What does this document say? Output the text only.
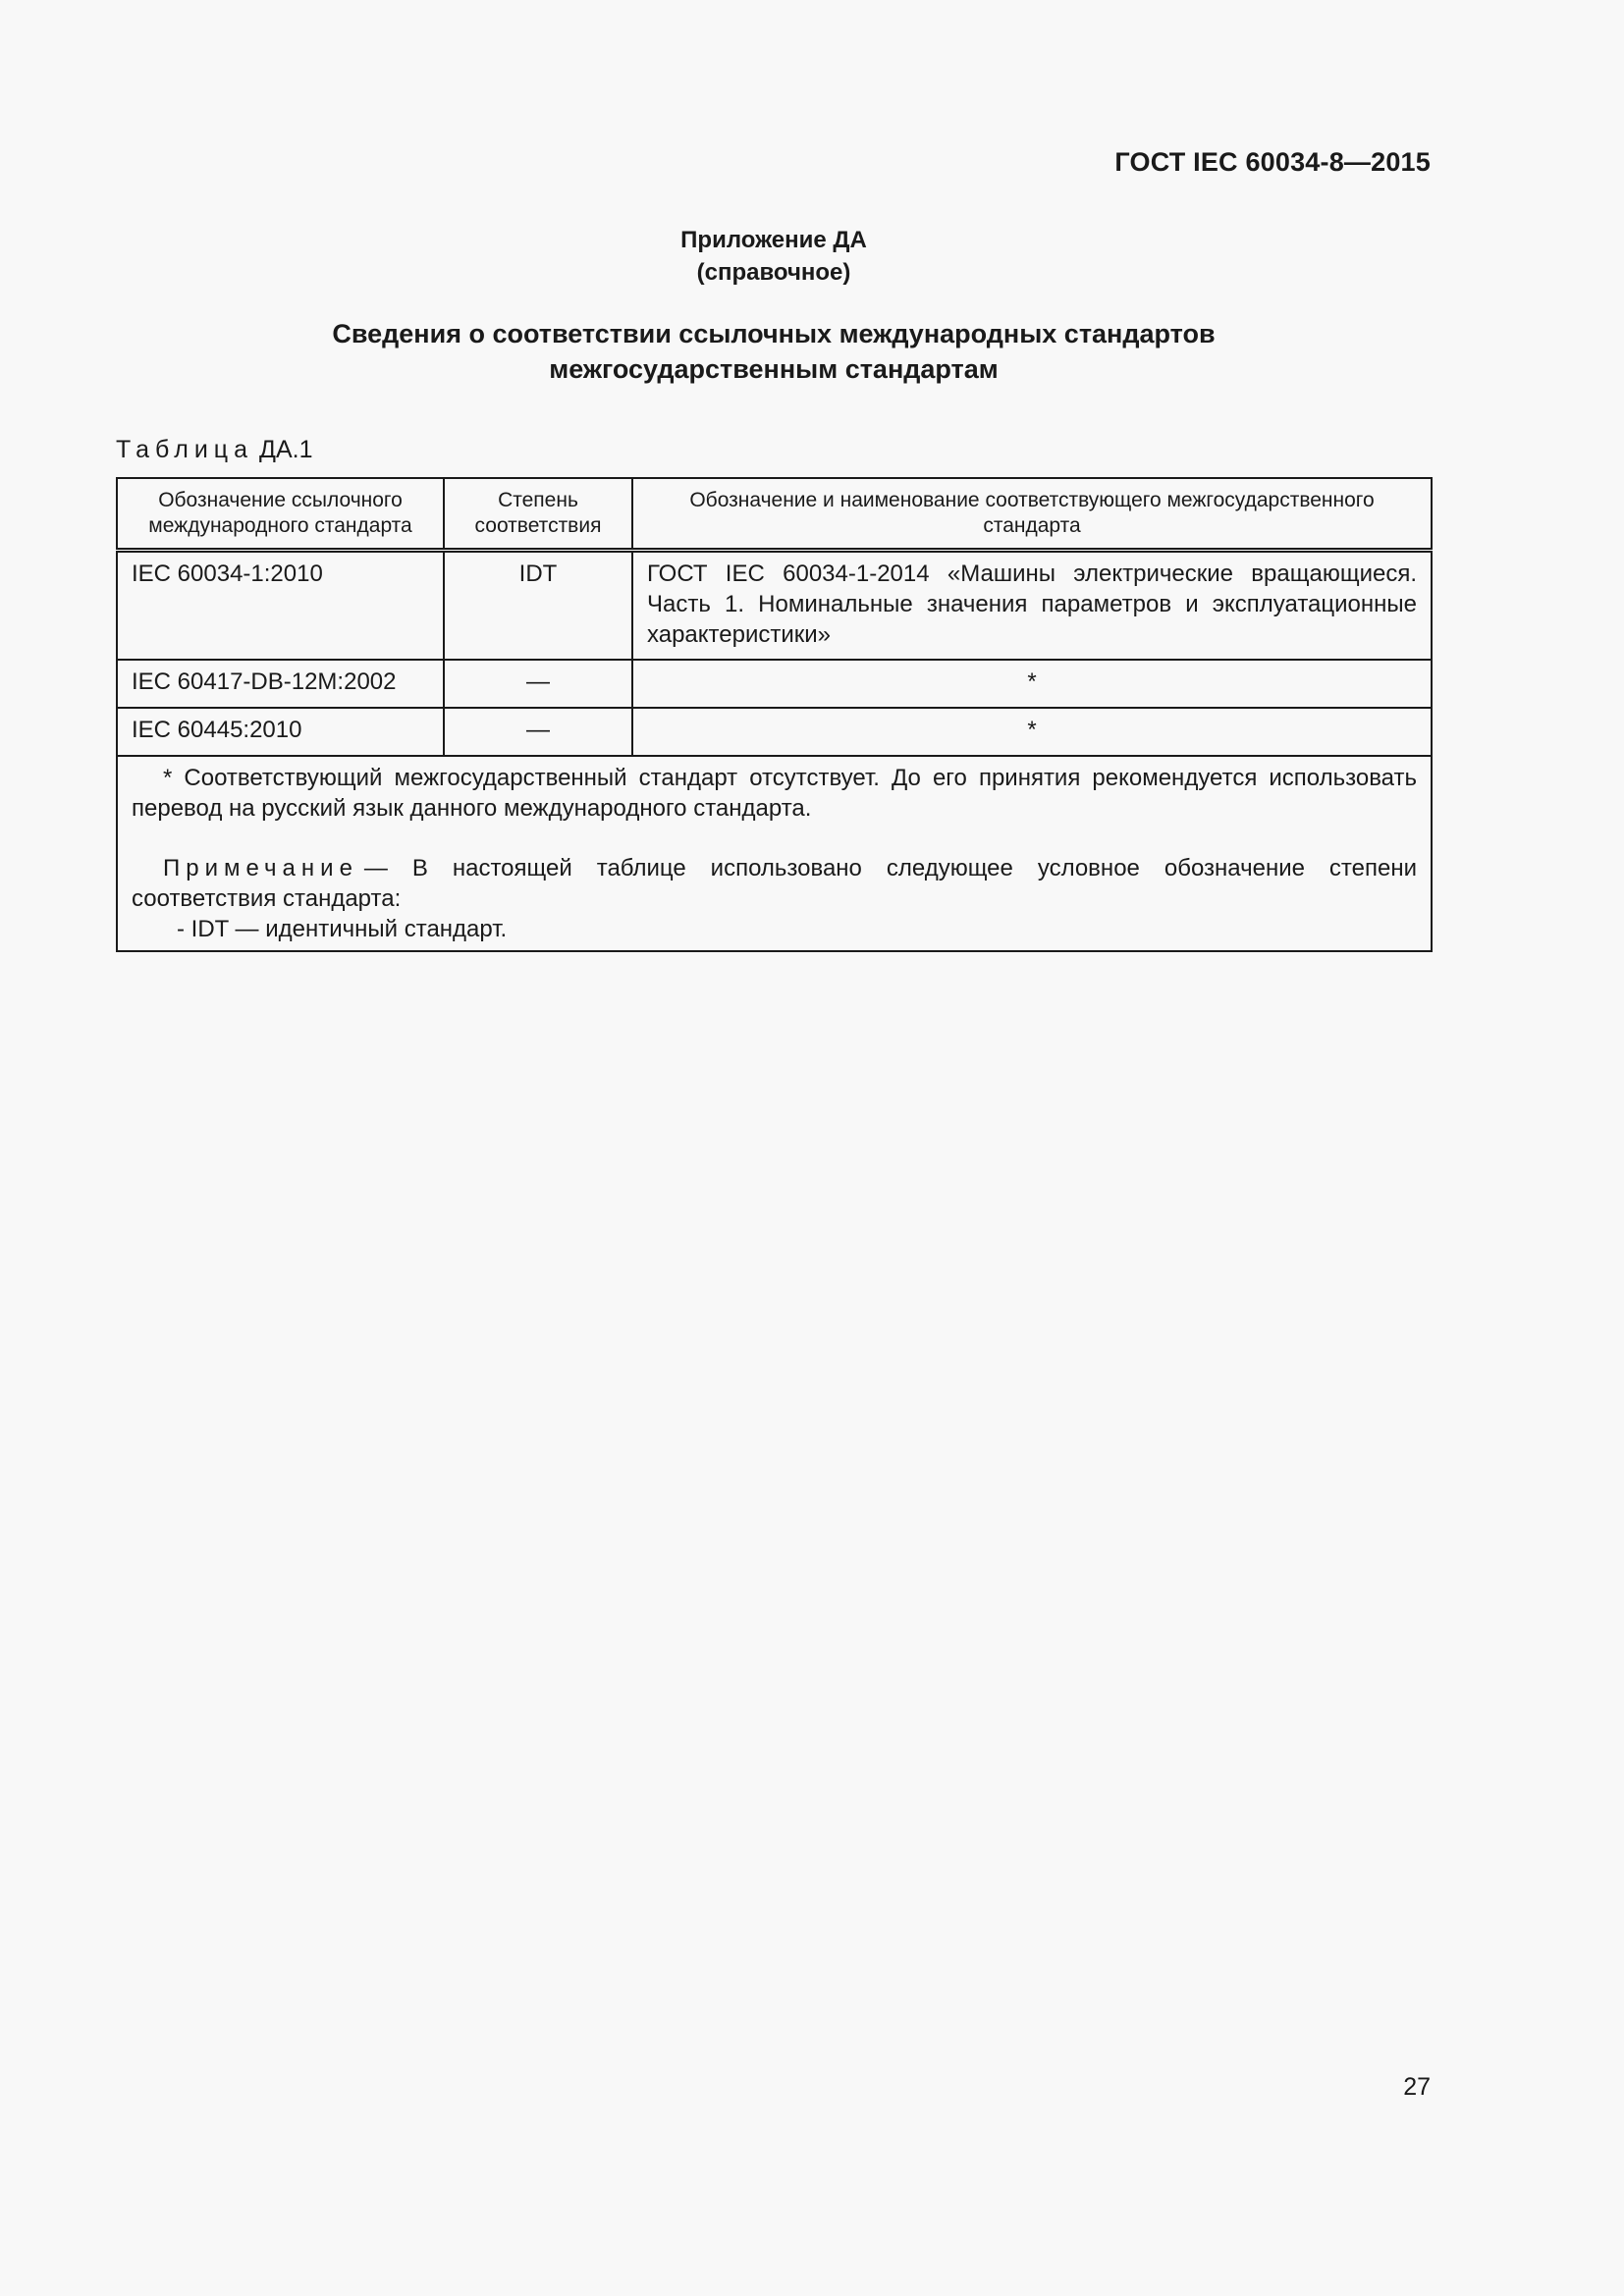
ГОСТ IEC 60034-8—2015
Приложение ДА
(справочное)
Сведения о соответствии ссылочных международных стандартов
межгосударственным стандартам
Таблица ДА.1
Обозначение ссылочного международного стандарта	Степень соответствия	Обозначение и наименование соответствующего межгосударственного стандарта
IEC 60034-1:2010	IDT	ГОСТ IEC 60034-1-2014 «Машины электрические вращающиеся. Часть 1. Номинальные значения параметров и эксплуатационные характеристики»
IEC 60417-DB-12M:2002	—	*
IEC 60445:2010	—	*

* Соответствующий межгосударственный стандарт отсутствует. До его принятия рекомендуется использовать перевод на русский язык данного международного стандарта.

Примечание — В настоящей таблице использовано следующее условное обозначение степени соответствия стандарта:

- IDT — идентичный стандарт.		

27
